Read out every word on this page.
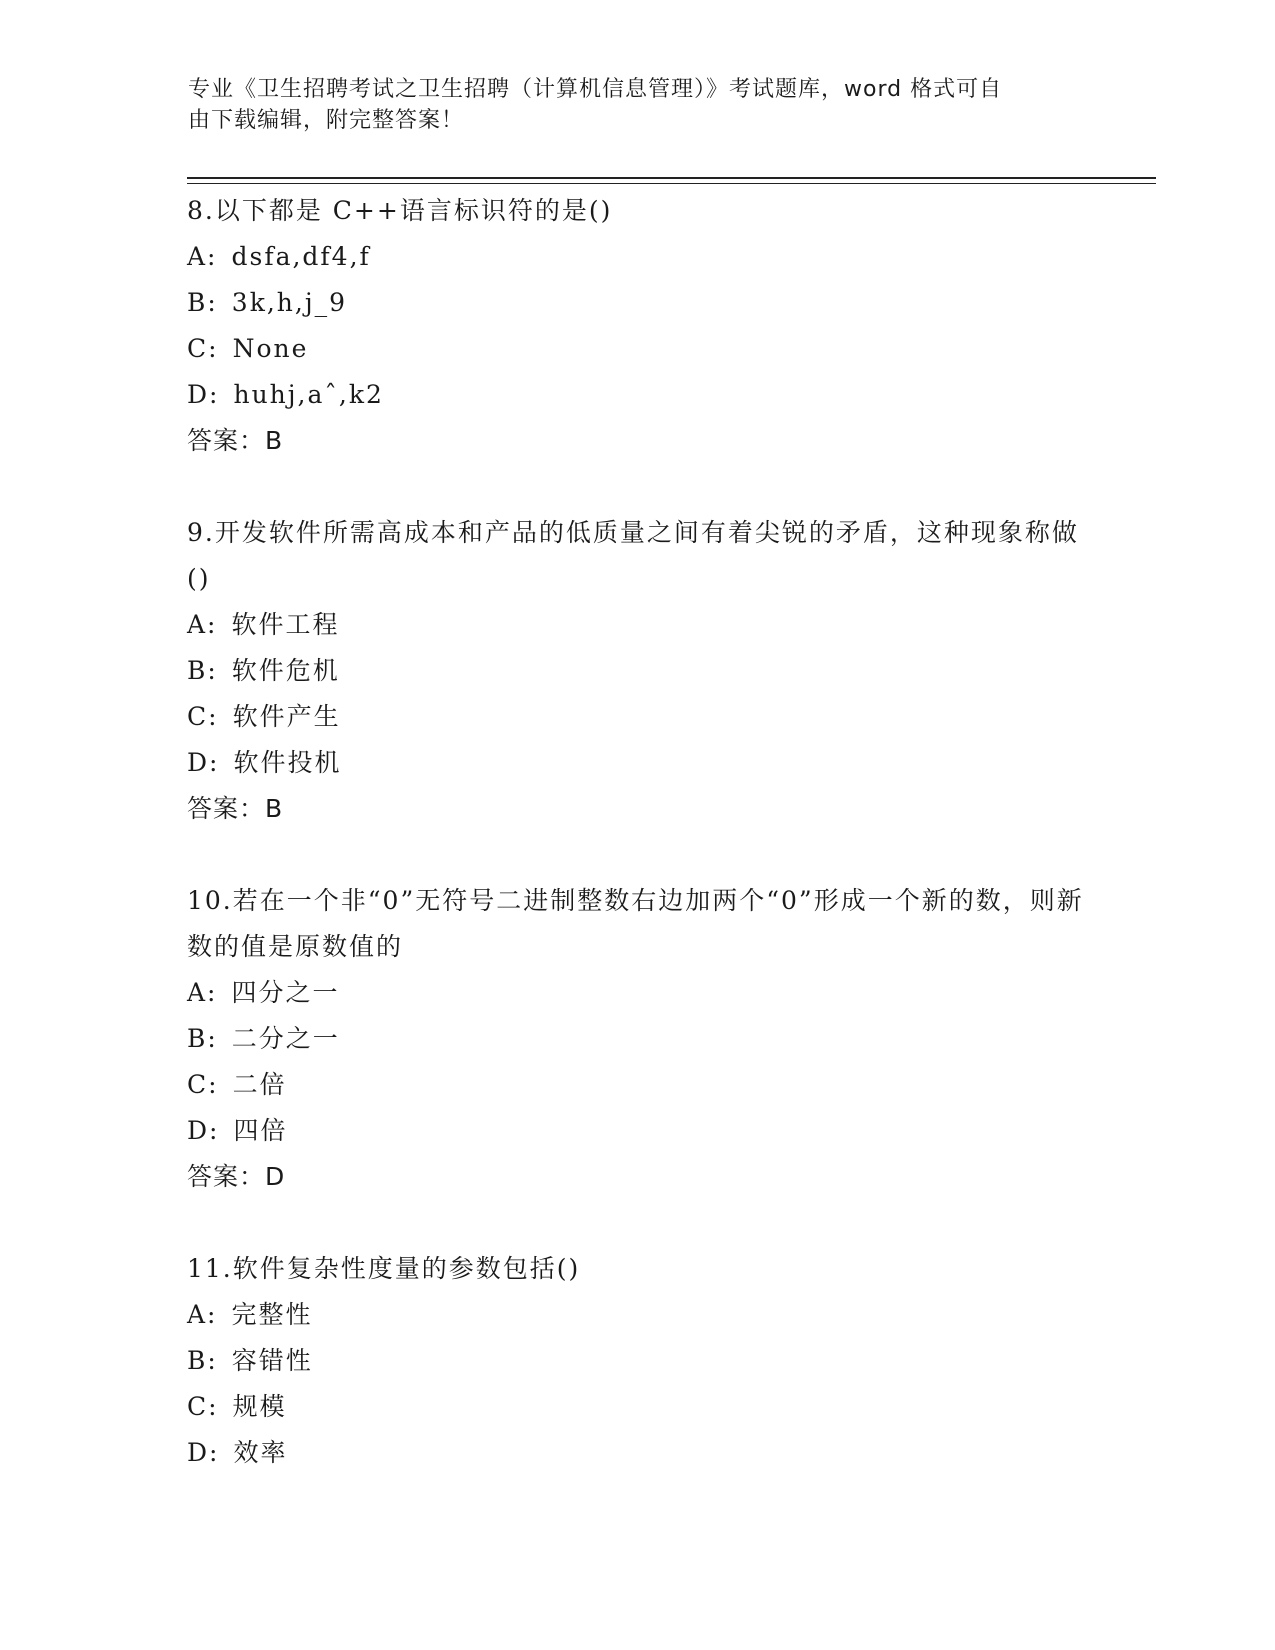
专业《卫生招聘考试之卫生招聘（计算机信息管理）》考试题库，word 格式可自
由下载编辑，附完整答案！
8.以下都是 C++语言标识符的是()
A: dsfa,df4,f
B: 3k,h,j_9
C: None
D: huhj,aˆ,k2
答案：B
9.开发软件所需高成本和产品的低质量之间有着尖锐的矛盾，这种现象称做()
A: 软件工程
B: 软件危机
C: 软件产生
D: 软件投机
答案：B
10.若在一个非“0”无符号二进制整数右边加两个“0”形成一个新的数，则新数的值是原数值的
A: 四分之一
B: 二分之一
C: 二倍
D: 四倍
答案：D
11.软件复杂性度量的参数包括()
A: 完整性
B: 容错性
C: 规模
D: 效率
